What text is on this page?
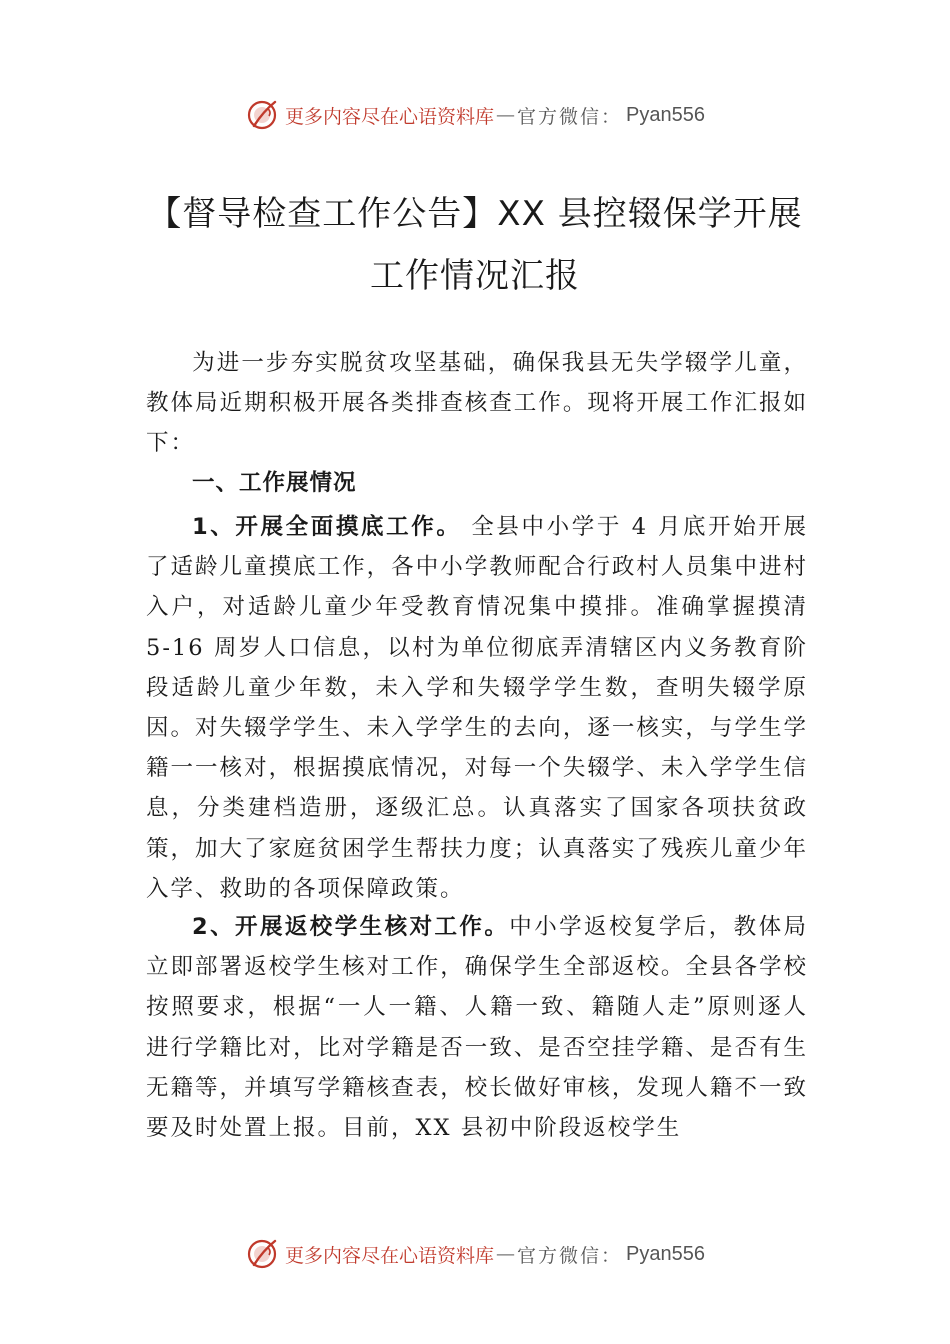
更多内容尽在心语资料库 — 官方微信： Pyan556
【督导检查工作公告】XX 县控辍保学开展
工作情况汇报
为进一步夯实脱贫攻坚基础，确保我县无失学辍学儿童，教体局近期积极开展各类排查核查工作。现将开展工作汇报如下：
一、工作展情况
1、开展全面摸底工作。 全县中小学于 4 月底开始开展了适龄儿童摸底工作，各中小学教师配合行政村人员集中进村入户，对适龄儿童少年受教育情况集中摸排。准确掌握摸清 5-16 周岁人口信息，以村为单位彻底弄清辖区内义务教育阶段适龄儿童少年数，未入学和失辍学学生数，查明失辍学原因。对失辍学学生、未入学学生的去向，逐一核实，与学生学籍一一核对，根据摸底情况，对每一个失辍学、未入学学生信息，分类建档造册，逐级汇总。认真落实了国家各项扶贫政策，加大了家庭贫困学生帮扶力度；认真落实了残疾儿童少年入学、救助的各项保障政策。
2、开展返校学生核对工作。中小学返校复学后，教体局立即部署返校学生核对工作，确保学生全部返校。全县各学校按照要求，根据“一人一籍、人籍一致、籍随人走”原则逐人进行学籍比对，比对学籍是否一致、是否空挂学籍、是否有生无籍等，并填写学籍核查表，校长做好审核，发现人籍不一致要及时处置上报。目前，XX 县初中阶段返校学生
更多内容尽在心语资料库 — 官方微信： Pyan556
